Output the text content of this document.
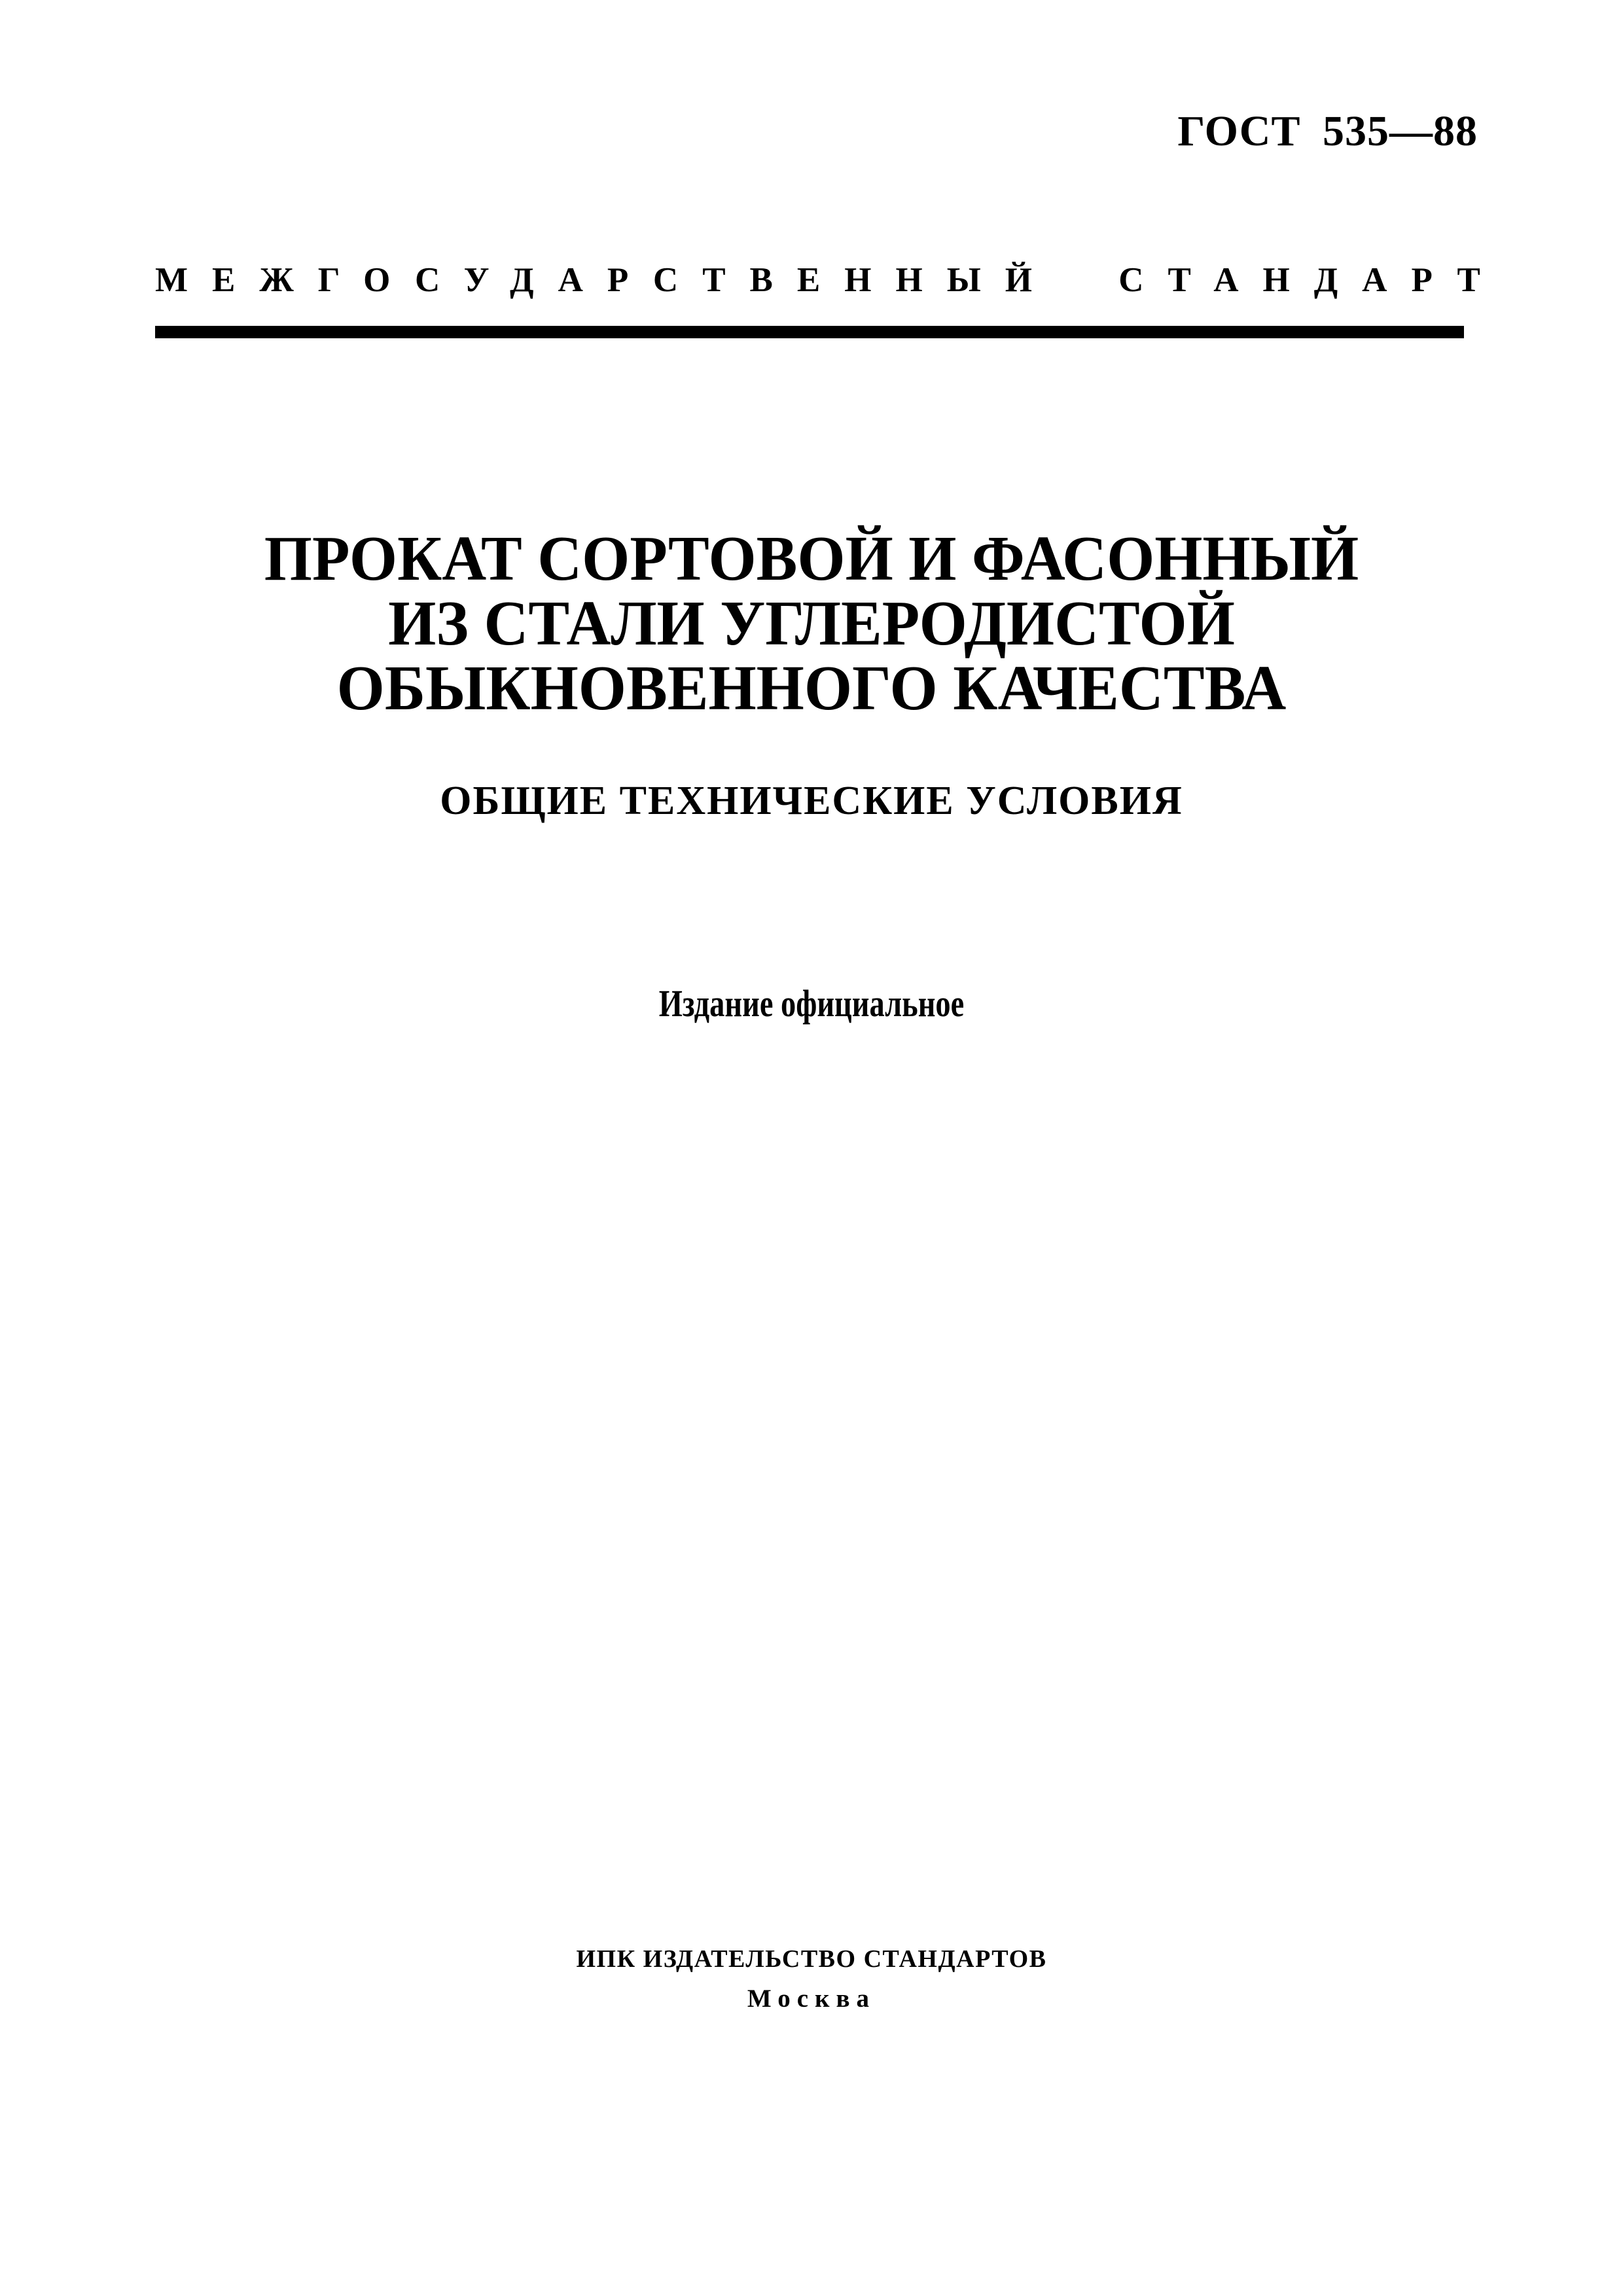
ГОСТ 535—88
МЕЖГОСУДАРСТВЕННЫЙ СТАНДАРТ
ПРОКАТ СОРТОВОЙ И ФАСОННЫЙ
ИЗ СТАЛИ УГЛЕРОДИСТОЙ
ОБЫКНОВЕННОГО КАЧЕСТВА
ОБЩИЕ ТЕХНИЧЕСКИЕ УСЛОВИЯ
Издание официальное
ИПК ИЗДАТЕЛЬСТВО СТАНДАРТОВ
Москва
